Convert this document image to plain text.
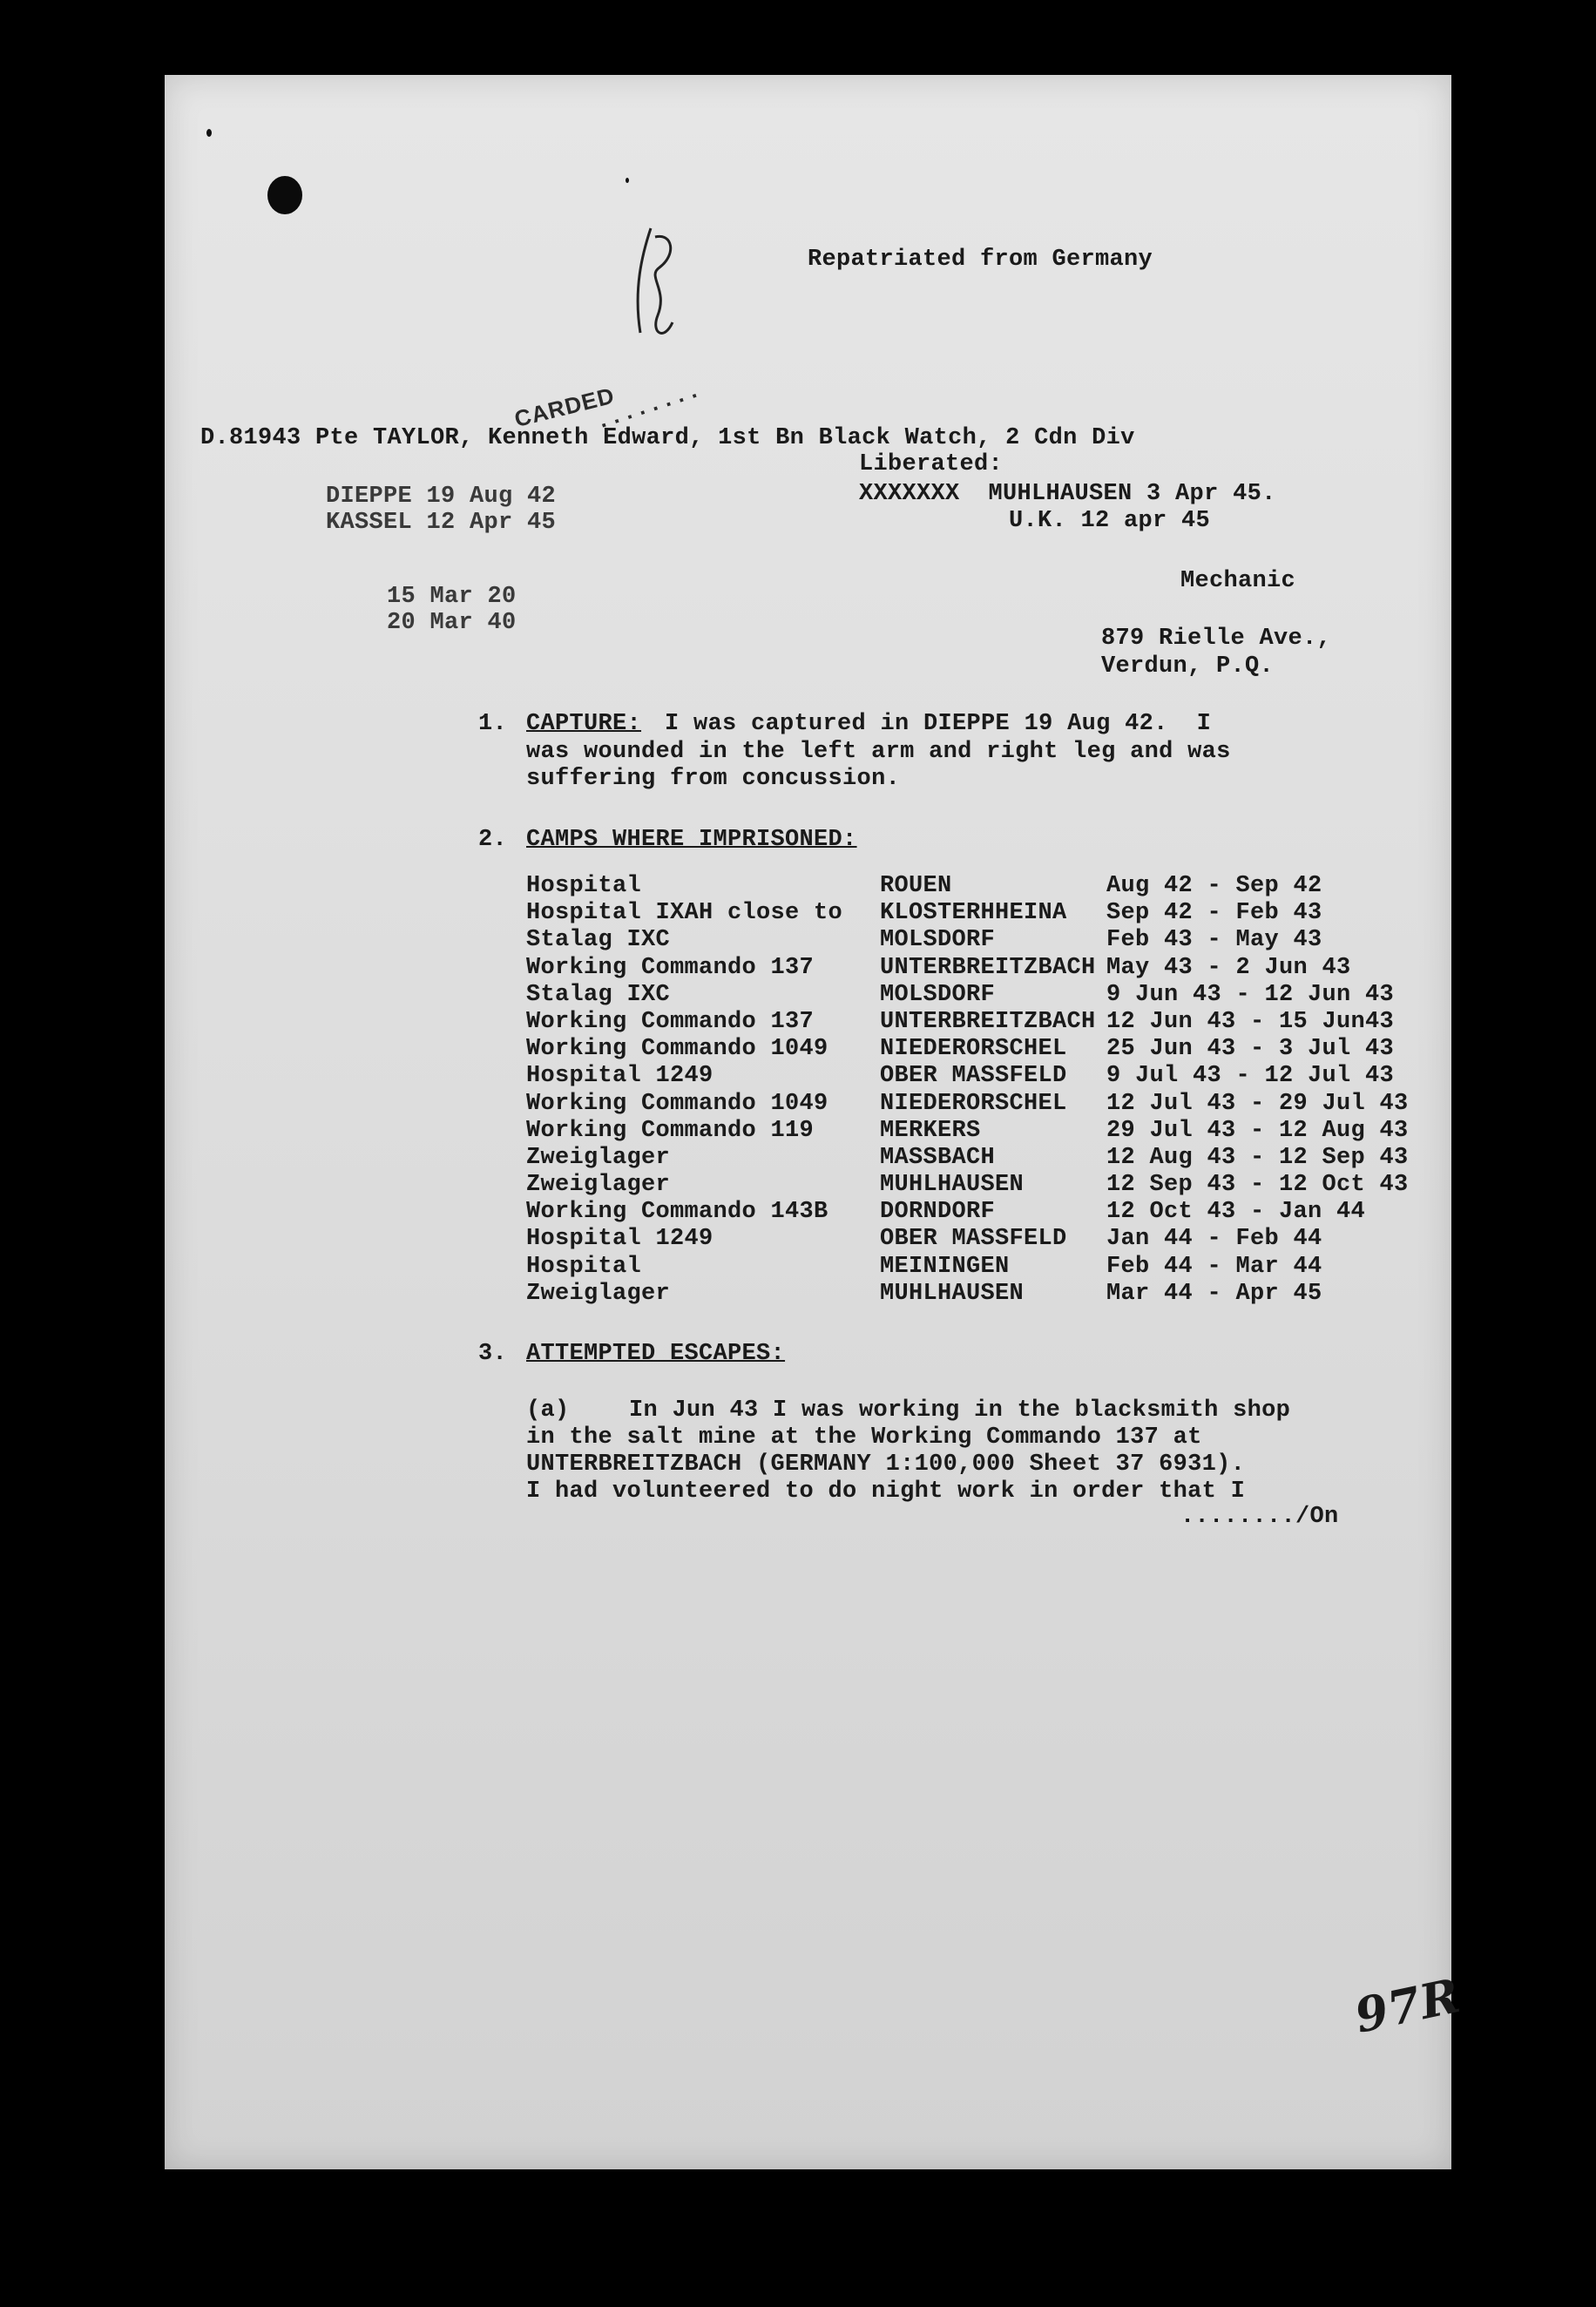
Repatriated from Germany
CARDED
........
D.81943 Pte TAYLOR, Kenneth Edward, 1st Bn Black Watch, 2 Cdn Div
Liberated:
DIEPPE 19 Aug 42
KASSEL 12 Apr 45
XXXXXXX  MUHLHAUSEN 3 Apr 45.
U.K. 12 apr 45
15 Mar 20
20 Mar 40
Mechanic
879 Rielle Ave.,
Verdun, P.Q.
1. CAPTURE: I was captured in DIEPPE 19 Aug 42.  I
was wounded in the left arm and right leg and was
suffering from concussion.
2. CAMPS WHERE IMPRISONED:
Hospital	ROUEN	Aug 42 - Sep 42
Hospital IXAH close to KLOSTERHHEINA Sep 42 - Feb 43
Stalag IXC	MOLSDORF	Feb 43 - May 43
Working Commando 137	UNTERBREITZBACH May 43 - 2 Jun 43
Stalag IXC	MOLSDORF	9 Jun 43 - 12 Jun 43
Working Commando 137	UNTERBREITZBACH 12 Jun 43 - 15 Jun43
Working Commando 1049 NIEDERORSCHEL 25 Jun 43 - 3 Jul 43
Hospital 1249	OBER MASSFELD 9 Jul 43 - 12 Jul 43
Working Commando 1049 NIEDERORSCHEL 12 Jul 43 - 29 Jul 43
Working Commando 119	MERKERS	29 Jul 43 - 12 Aug 43
Zweiglager	MASSBACH	12 Aug 43 - 12 Sep 43
Zweiglager	MUHLHAUSEN	12 Sep 43 - 12 Oct 43
Working Commando 143B DORNDORF	12 Oct 43 - Jan 44
Hospital 1249	OBER MASSFELD Jan 44 - Feb 44
Hospital	MEININGEN	Feb 44 - Mar 44
Zweiglager	MUHLHAUSEN	Mar 44 - Apr 45
3. ATTEMPTED ESCAPES:
(a)	In Jun 43 I was working in the blacksmith shop
in the salt mine at the Working Commando 137 at
UNTERBREITZBACH (GERMANY 1:100,000 Sheet 37 6931).
I had volunteered to do night work in order that I
......../On
97R
